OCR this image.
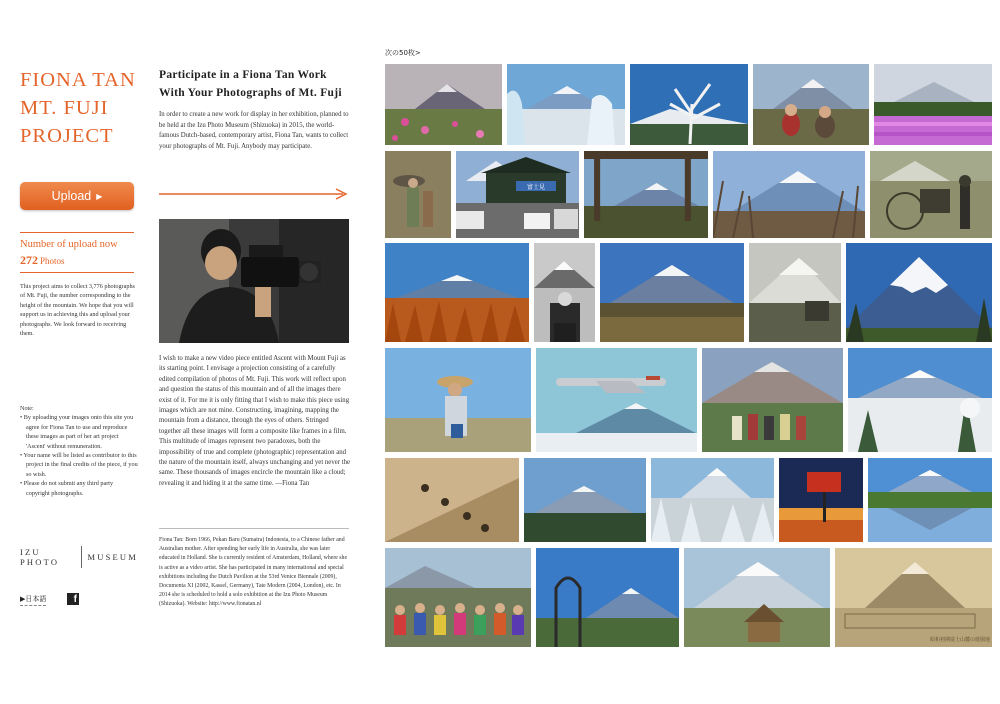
FIONA TAN
MT. FUJI
PROJECT
Upload ▶
Number of upload now
272 Photos

This project aims to collect 3,776 photographs of Mt. Fuji, the number corresponding to the height of the mountain. We hope that you will support us in achieving this and upload your photographs. We look forward to receiving them.

Note:
• By uploading your images onto this site you agree for Fiona Tan to use and reproduce these images as part of her art project 'Ascent' without remuneration.
• Your name will be listed as contributor to this project in the final credits of the piece, if you so wish.
• Please do not submit any third party copyright photographs.
IZU PHOTO	MUSEUM
▶日本語	f
Participate in a Fiona Tan Work
With Your Photographs of Mt. Fuji

In order to create a new work for display in her exhibition, planned to be held at the Izu Photo Museum (Shizuoka) in 2015, the world-famous Dutch-based, contemporary artist, Fiona Tan, wants to collect your photographs of Mt. Fuji. Anybody may participate.

I wish to make a new video piece entitled Ascent with Mount Fuji as its starting point. I envisage a projection consisting of a carefully edited compilation of photos of Mt. Fuji. This work will reflect upon and question the status of this mountain and of all the images there exist of it. For me it is only fitting that I wish to make this piece using images which are not mine. Constructing, imagining, mapping the mountain from a distance, through the eyes of others. Stringed together all these images will form a composite like frames in a film. This multitude of images represent two paradoxes, both the impossibility of true and complete (photographic) representation and the nature of the mountain itself, always unchanging and yet never the same. These thousands of images encircle the mountain like a cloud; revealing it and hiding it at the same time. —Fiona Tan

Fiona Tan: Born 1966, Pekan Baru (Sumatra) Indonesia, to a Chinese father and Australian mother. After spending her early life in Australia, she was later educated in Holland. She is currently resident of Amsterdam, Holland, where she is active as a video artist. She has participated in many international and special exhibitions including the Dutch Pavilion at the 53rd Venice Biennale (2009), Documenta XI (2002, Kassel, Germany), Tate Modern (2004, London), etc. In 2014 she is scheduled to hold a solo exhibition at the Izu Photo Museum (Shizuoka). Website: http://www.fionatan.nl

次の50枚>
富士見
昭和初期富士山麓の遊園地
